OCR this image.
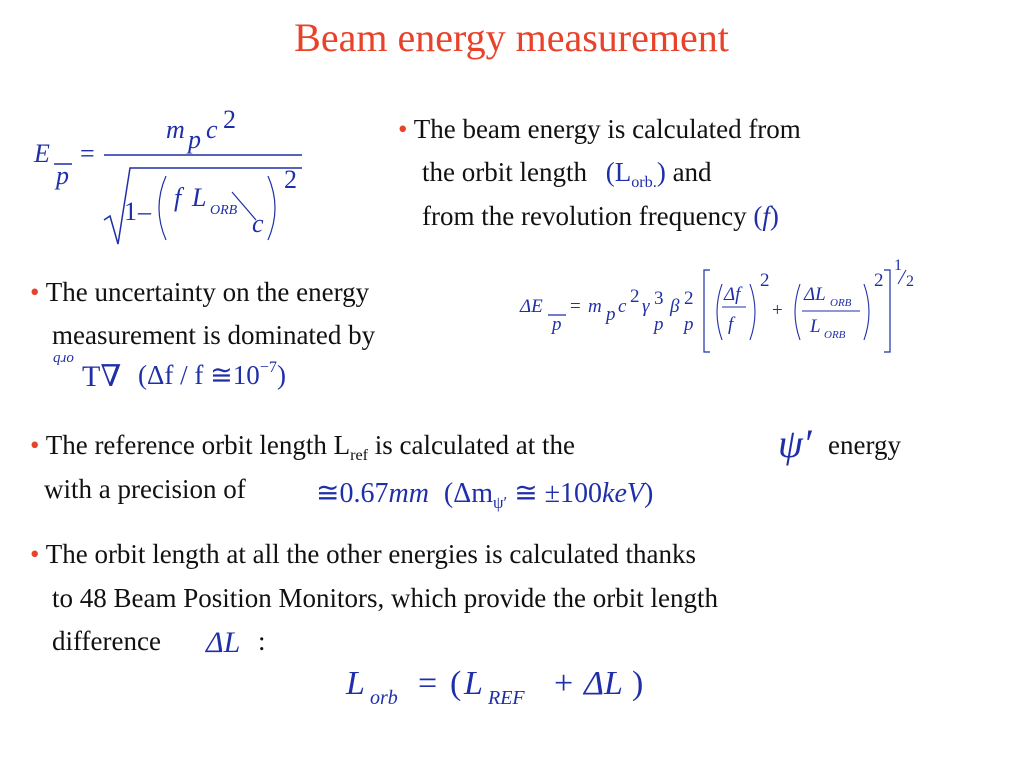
Beam energy measurement
E
p
=
m p c 2
1 – f L ORB c
2
• The beam energy is calculated from
the orbit length $(L_{orb.})$ and
from the revolution frequency (f)
• The uncertainty on the energy
measurement is dominated by
qɹo
T∇ (Δf / f $≅10^{-7}$)
ΔE
p
= m p c 2 γ 3
p
β 2
p
Δf
f
2
+
ΔL ORB
L ORB
2
1
2
• The reference orbit length $L_{ref}$ is calculated at the	ψ′ energy
with a precision of	≅0.67mm ($\Delta m_{\psi'}$ ≅ ±100keV)
• The orbit length at all the other energies is calculated thanks
to 48 Beam Position Monitors, which provide the orbit length
difference ΔL :
L orb = ( L REF + ΔL )
